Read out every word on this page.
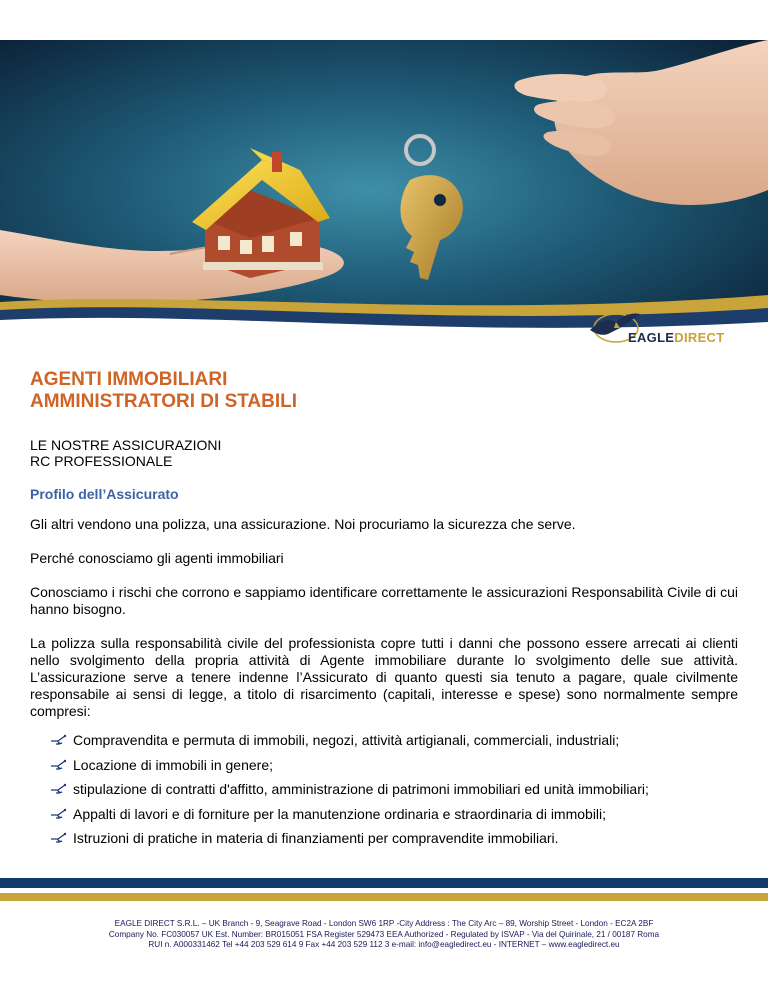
EAGLEDIRECT
AGENTI IMMOBILIARI
AMMINISTRATORI DI STABILI
LE NOSTRE ASSICURAZIONI
RC PROFESSIONALE
Profilo dell’Assicurato
Gli altri vendono una polizza, una assicurazione. Noi procuriamo la sicurezza che serve.
Perché conosciamo gli agenti immobiliari
Conosciamo i rischi che corrono e sappiamo identificare correttamente le assicurazioni Responsabilità Civile di cui hanno bisogno.
La polizza sulla responsabilità civile del professionista copre tutti i danni che possono essere arrecati ai clienti nello svolgimento della propria attività di Agente immobiliare durante lo svolgimento delle sue attività. L’assicurazione serve a tenere indenne l’Assicurato di quanto questi sia tenuto a pagare, quale civilmente responsabile ai sensi di legge, a titolo di risarcimento (capitali, interesse e spese) sono normalmente sempre compresi:
Compravendita e permuta di immobili, negozi, attività artigianali, commerciali, industriali;
Locazione di immobili in genere;
stipulazione di contratti d'affitto, amministrazione di patrimoni immobiliari ed unità immobiliari;
Appalti di lavori e di forniture per la manutenzione ordinaria e straordinaria di immobili;
Istruzioni di pratiche in materia di finanziamenti per compravendite immobiliari.
EAGLE DIRECT S.R.L. – UK Branch - 9, Seagrave Road - London SW6 1RP -City Address : The City Arc – 89, Worship Street - London - EC2A 2BF
Company No. FC030057 UK Est. Number: BR015051 FSA Register 529473 EEA Authorized - Regulated by ISVAP - Via del Quirinale, 21 / 00187 Roma
RUI n. A000331462 Tel +44 203 529 614 9 Fax +44 203 529 112 3 e-mail: info@eagledirect.eu - INTERNET – www.eagledirect.eu
